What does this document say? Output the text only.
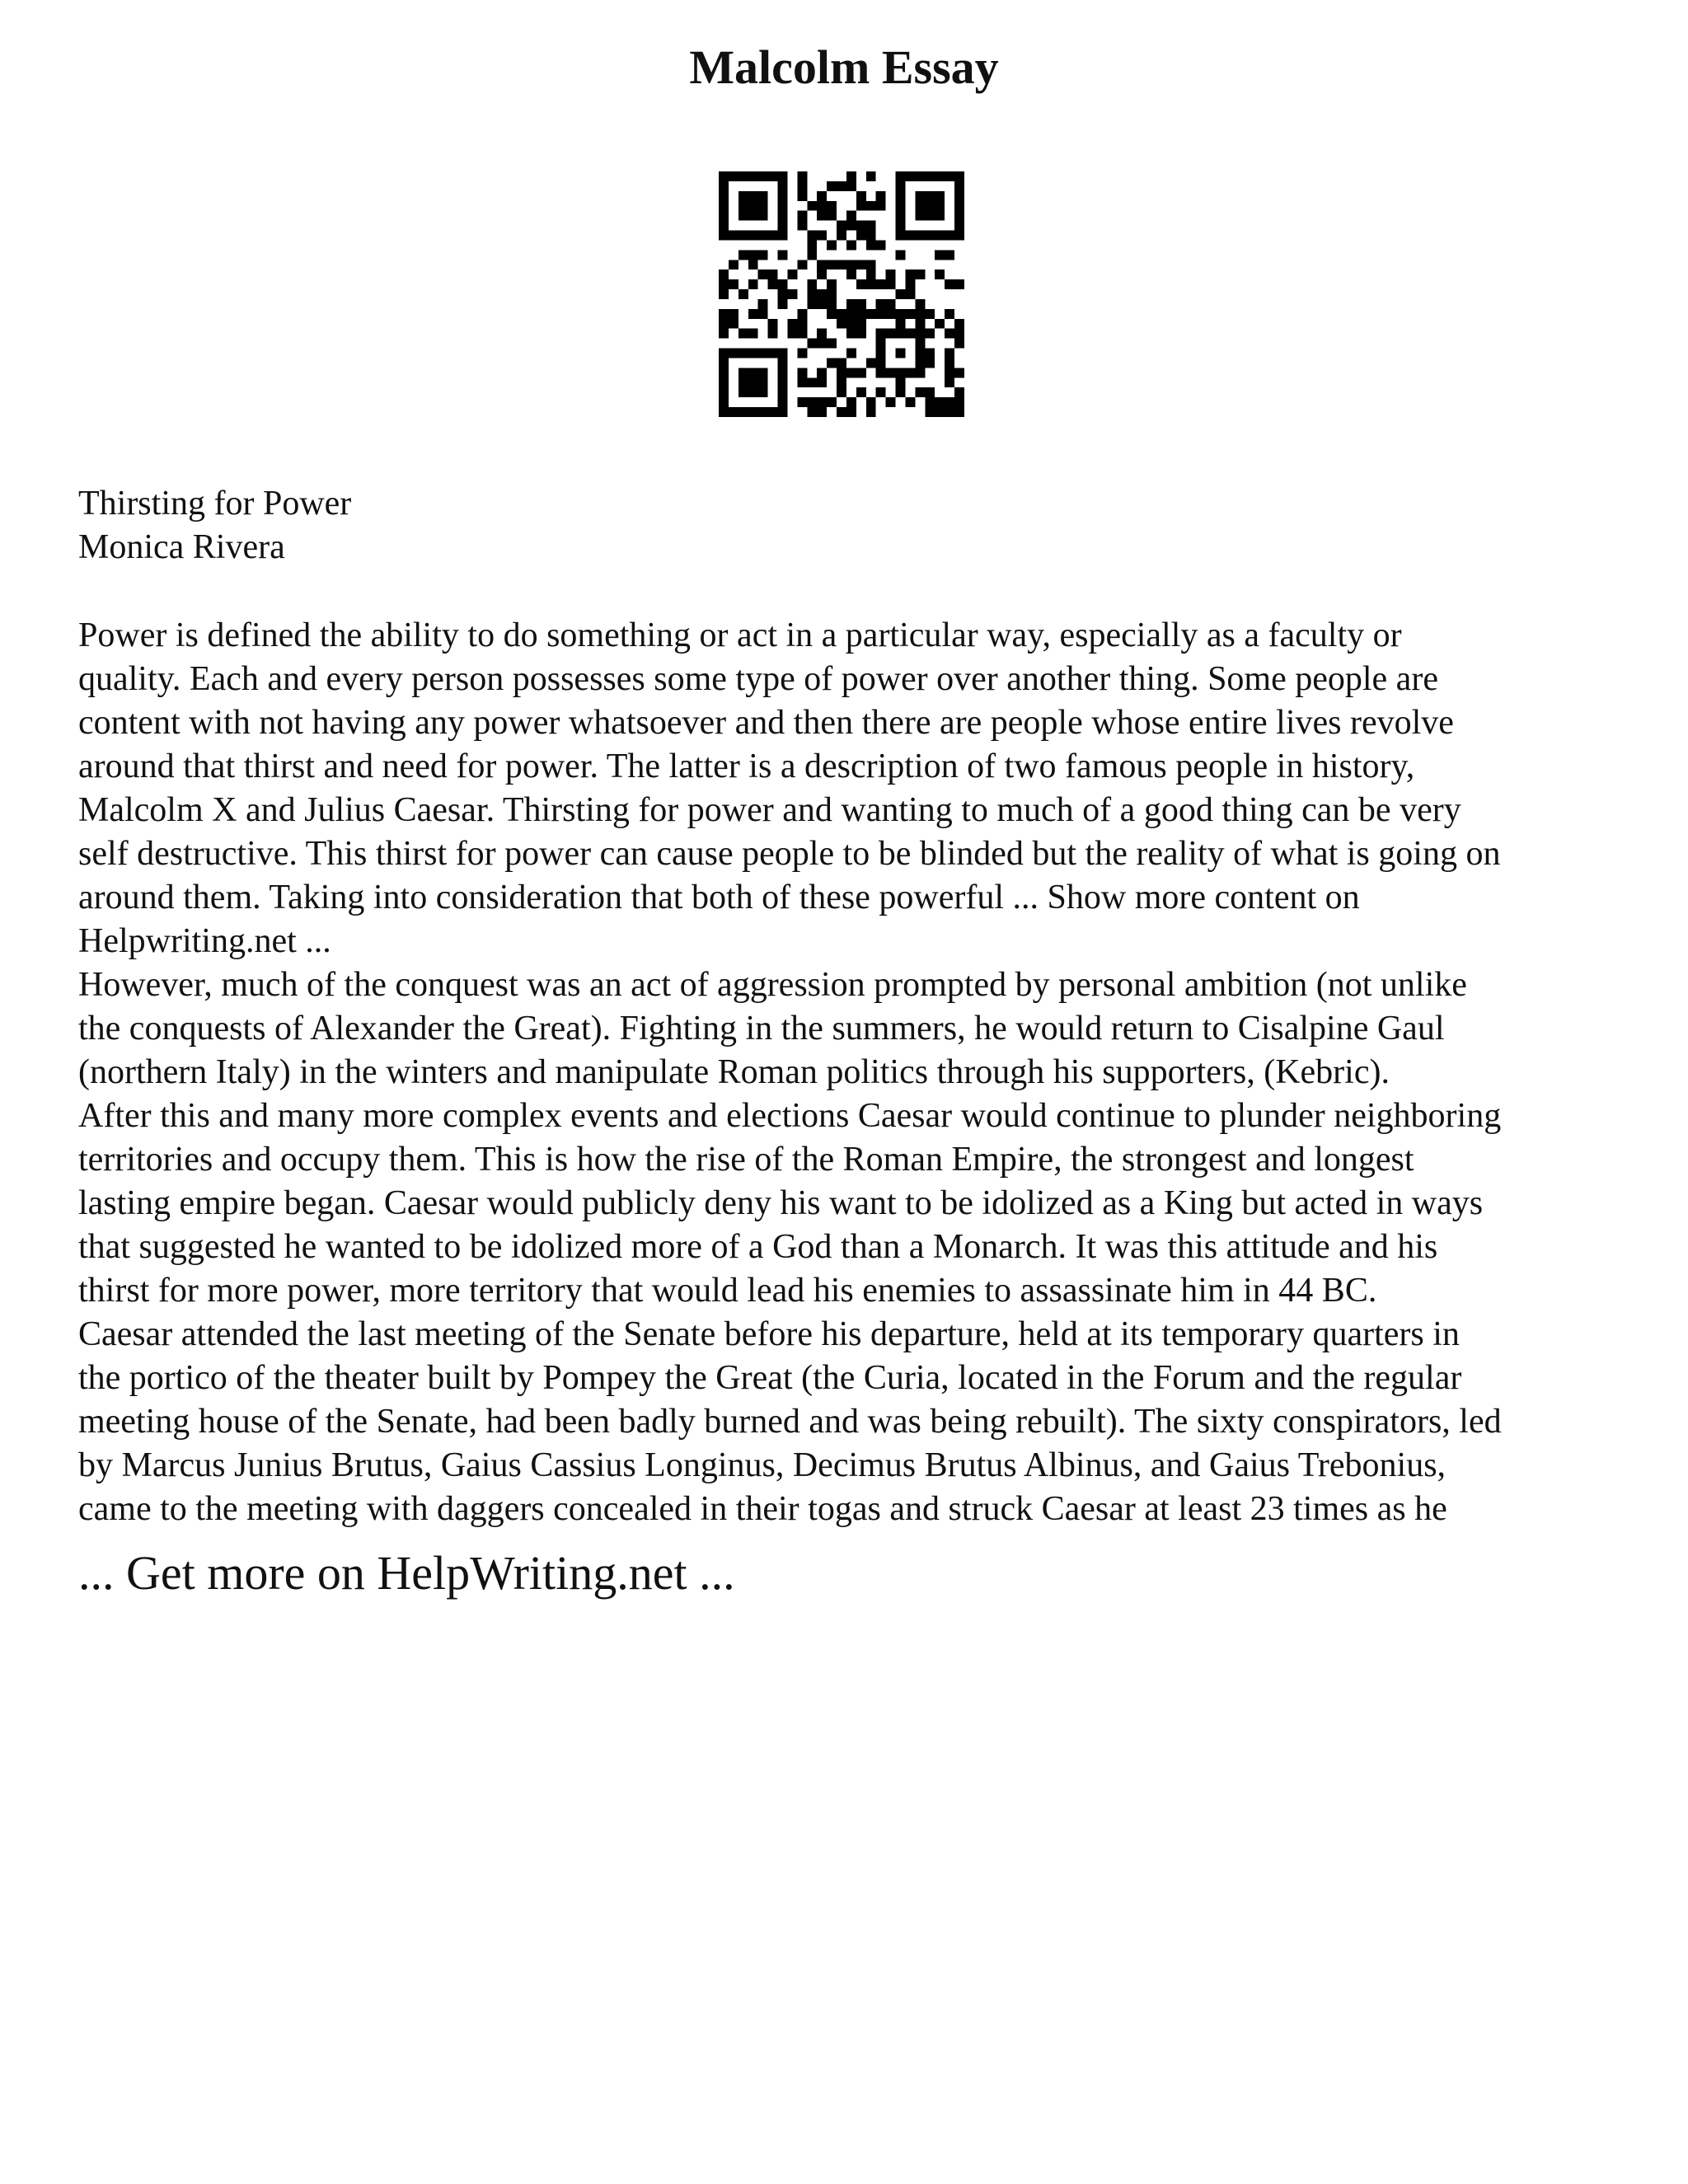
Malcolm Essay
Thirsting for Power
Monica Rivera
Power is defined the ability to do something or act in a particular way, especially as a faculty or
quality. Each and every person possesses some type of power over another thing. Some people are
content with not having any power whatsoever and then there are people whose entire lives revolve
around that thirst and need for power. The latter is a description of two famous people in history,
Malcolm X and Julius Caesar. Thirsting for power and wanting to much of a good thing can be very
self destructive. This thirst for power can cause people to be blinded but the reality of what is going on
around them. Taking into consideration that both of these powerful ... Show more content on
Helpwriting.net ...
However, much of the conquest was an act of aggression prompted by personal ambition (not unlike
the conquests of Alexander the Great). Fighting in the summers, he would return to Cisalpine Gaul
(northern Italy) in the winters and manipulate Roman politics through his supporters, (Kebric).
After this and many more complex events and elections Caesar would continue to plunder neighboring
territories and occupy them. This is how the rise of the Roman Empire, the strongest and longest
lasting empire began. Caesar would publicly deny his want to be idolized as a King but acted in ways
that suggested he wanted to be idolized more of a God than a Monarch. It was this attitude and his
thirst for more power, more territory that would lead his enemies to assassinate him in 44 BC.
Caesar attended the last meeting of the Senate before his departure, held at its temporary quarters in
the portico of the theater built by Pompey the Great (the Curia, located in the Forum and the regular
meeting house of the Senate, had been badly burned and was being rebuilt). The sixty conspirators, led
by Marcus Junius Brutus, Gaius Cassius Longinus, Decimus Brutus Albinus, and Gaius Trebonius,
came to the meeting with daggers concealed in their togas and struck Caesar at least 23 times as he
... Get more on HelpWriting.net ...
